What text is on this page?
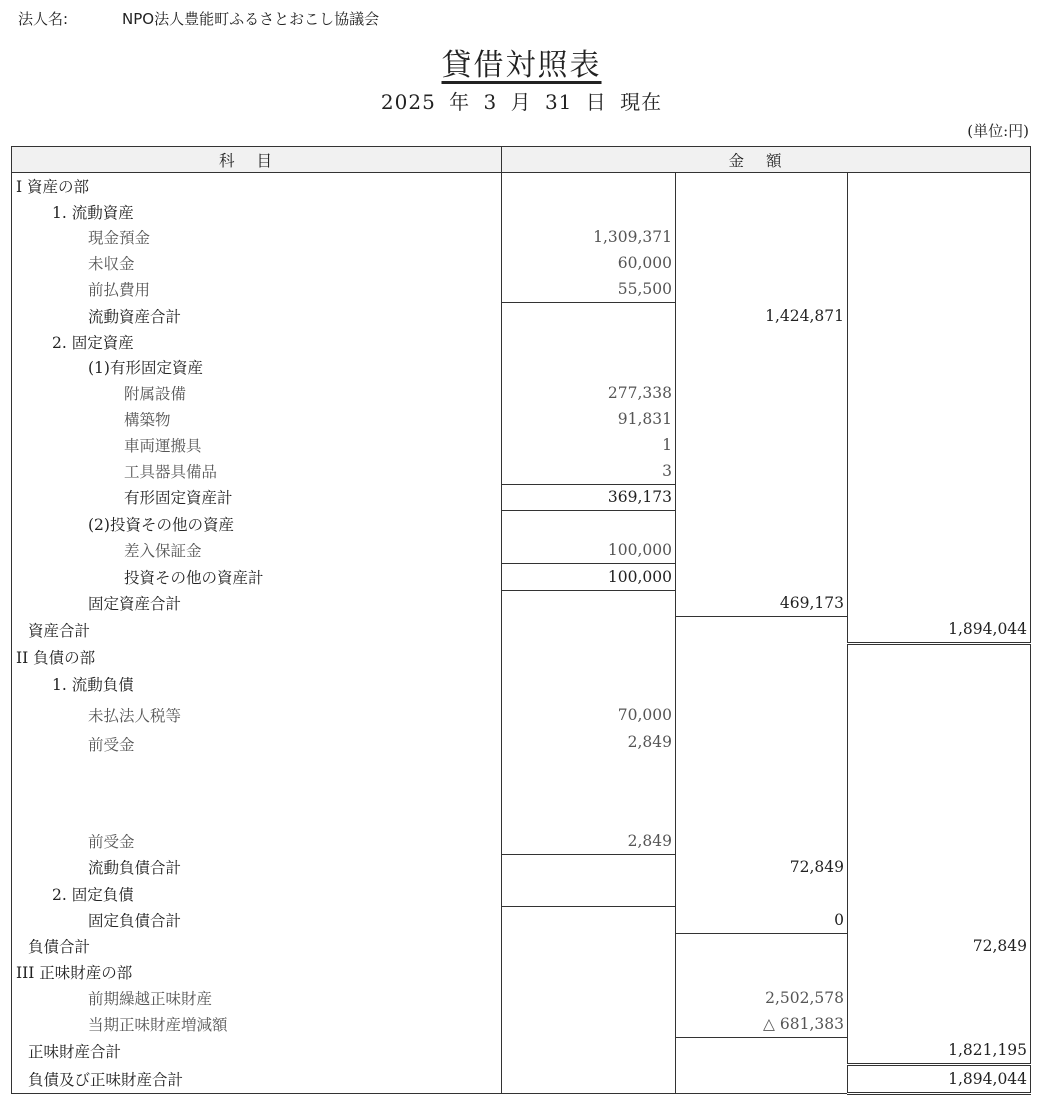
法人名:	NPO法人豊能町ふるさとおこし協議会
貸借対照表
2025 年 3 月 31 日 現在
(単位:円)
科目	金額		
I 資産の部			
1. 流動資産			
現金預金	1,309,371		
未収金	60,000		
前払費用	55,500		
流動資産合計		1,424,871	
2. 固定資産			
(1)有形固定資産			
附属設備	277,338		
構築物	91,831		
車両運搬具	1		
工具器具備品	3		
有形固定資産計	369,173		
(2)投資その他の資産			
差入保証金	100,000		
投資その他の資産計	100,000		
固定資産合計		469,173	
資産合計			1,894,044
II 負債の部			
1. 流動負債			
未払法人税等	70,000		
前受金	2,849		

前受金	2,849		
流動負債合計		72,849	
2. 固定負債			
固定負債合計		0	
負債合計			72,849
III 正味財産の部			
前期繰越正味財産		2,502,578	
当期正味財産増減額		△ 681,383	
正味財産合計			1,821,195
負債及び正味財産合計			1,894,044
